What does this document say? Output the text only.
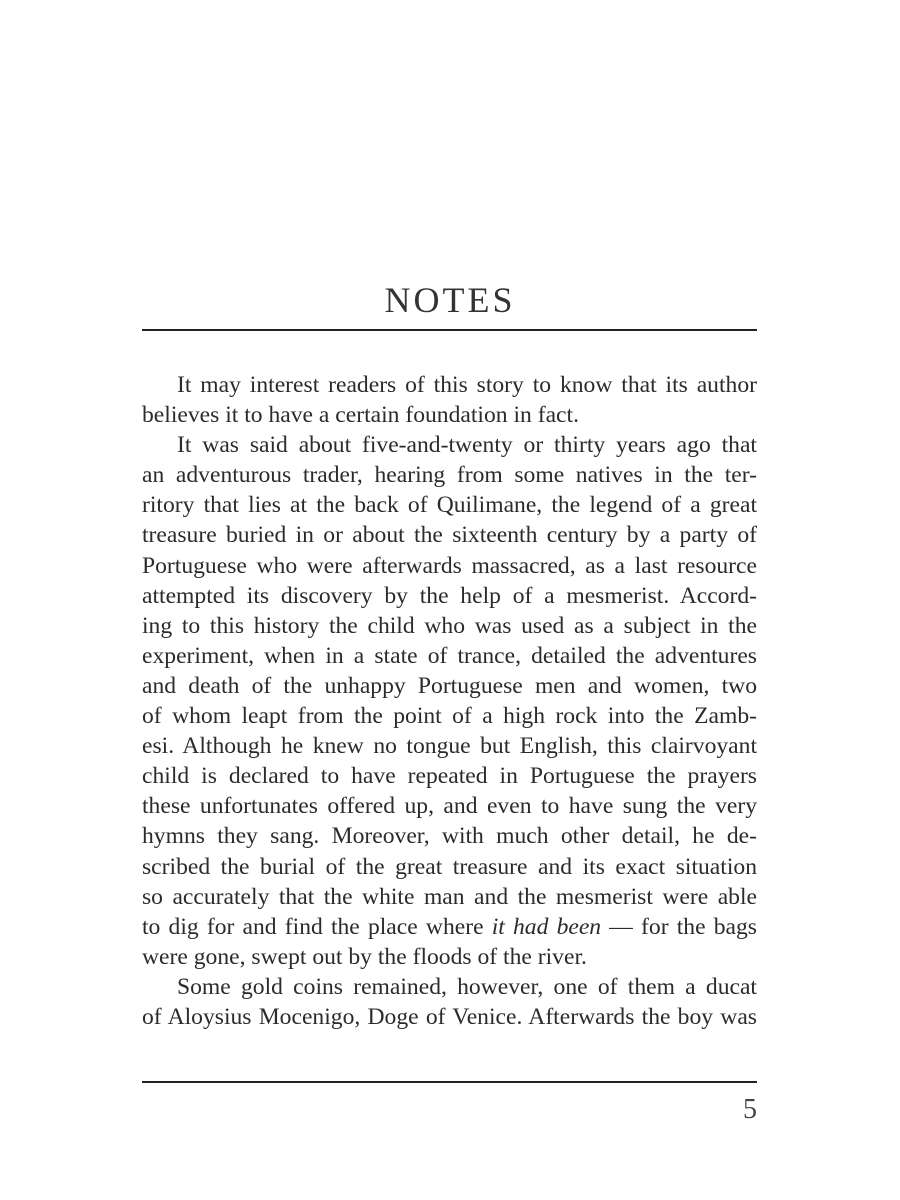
NOTES
It may interest readers of this story to know that its author
believes it to have a certain foundation in fact.
It was said about five-and-twenty or thirty years ago that
an adventurous trader, hearing from some natives in the ter-
ritory that lies at the back of Quilimane, the legend of a great
treasure buried in or about the sixteenth century by a party of
Portuguese who were afterwards massacred, as a last resource
attempted its discovery by the help of a mesmerist. Accord-
ing to this history the child who was used as a subject in the
experiment, when in a state of trance, detailed the adventures
and death of the unhappy Portuguese men and women, two
of whom leapt from the point of a high rock into the Zamb-
esi. Although he knew no tongue but English, this clairvoyant
child is declared to have repeated in Portuguese the prayers
these unfortunates offered up, and even to have sung the very
hymns they sang. Moreover, with much other detail, he de-
scribed the burial of the great treasure and its exact situation
so accurately that the white man and the mesmerist were able
to dig for and find the place where it had been — for the bags
were gone, swept out by the floods of the river.
Some gold coins remained, however, one of them a ducat
of Aloysius Mocenigo, Doge of Venice. Afterwards the boy was
5
